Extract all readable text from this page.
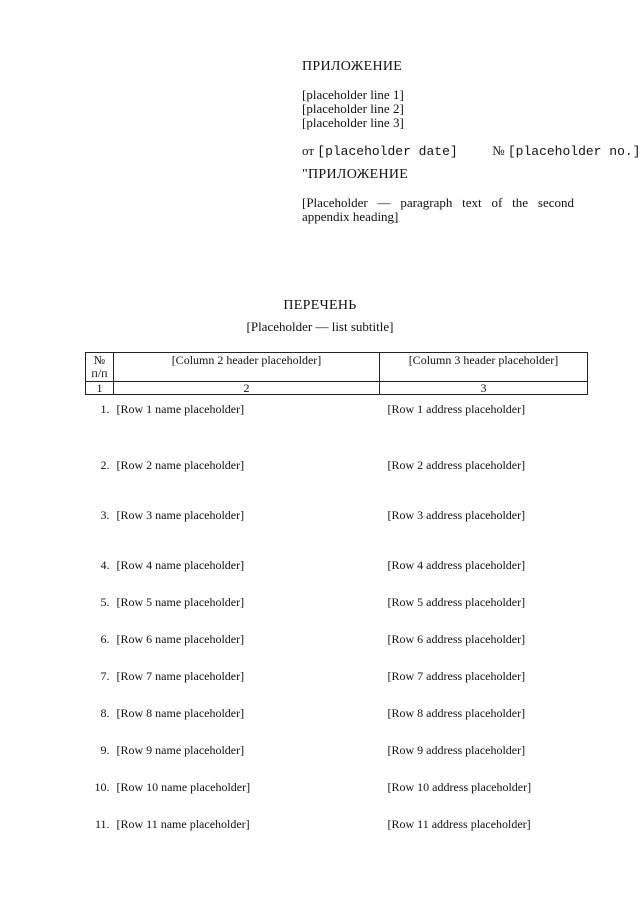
ПРИЛОЖЕНИЕ
[placeholder line 1]
[placeholder line 2]
[placeholder line 3]
от [placeholder date]	№ [placeholder no.]
"ПРИЛОЖЕНИЕ
[Placeholder — paragraph text of the second appendix heading]
ПЕРЕЧЕНЬ
[Placeholder — list subtitle]
№ п/п	[Column 2 header placeholder]	[Column 3 header placeholder]
1	2	3
1.	[Row 1 name placeholder]	[Row 1 address placeholder]
2.	[Row 2 name placeholder]	[Row 2 address placeholder]
3.	[Row 3 name placeholder]	[Row 3 address placeholder]
4.	[Row 4 name placeholder]	[Row 4 address placeholder]
5.	[Row 5 name placeholder]	[Row 5 address placeholder]
6.	[Row 6 name placeholder]	[Row 6 address placeholder]
7.	[Row 7 name placeholder]	[Row 7 address placeholder]
8.	[Row 8 name placeholder]	[Row 8 address placeholder]
9.	[Row 9 name placeholder]	[Row 9 address placeholder]
10.	[Row 10 name placeholder]	[Row 10 address placeholder]
11.	[Row 11 name placeholder]	[Row 11 address placeholder]
